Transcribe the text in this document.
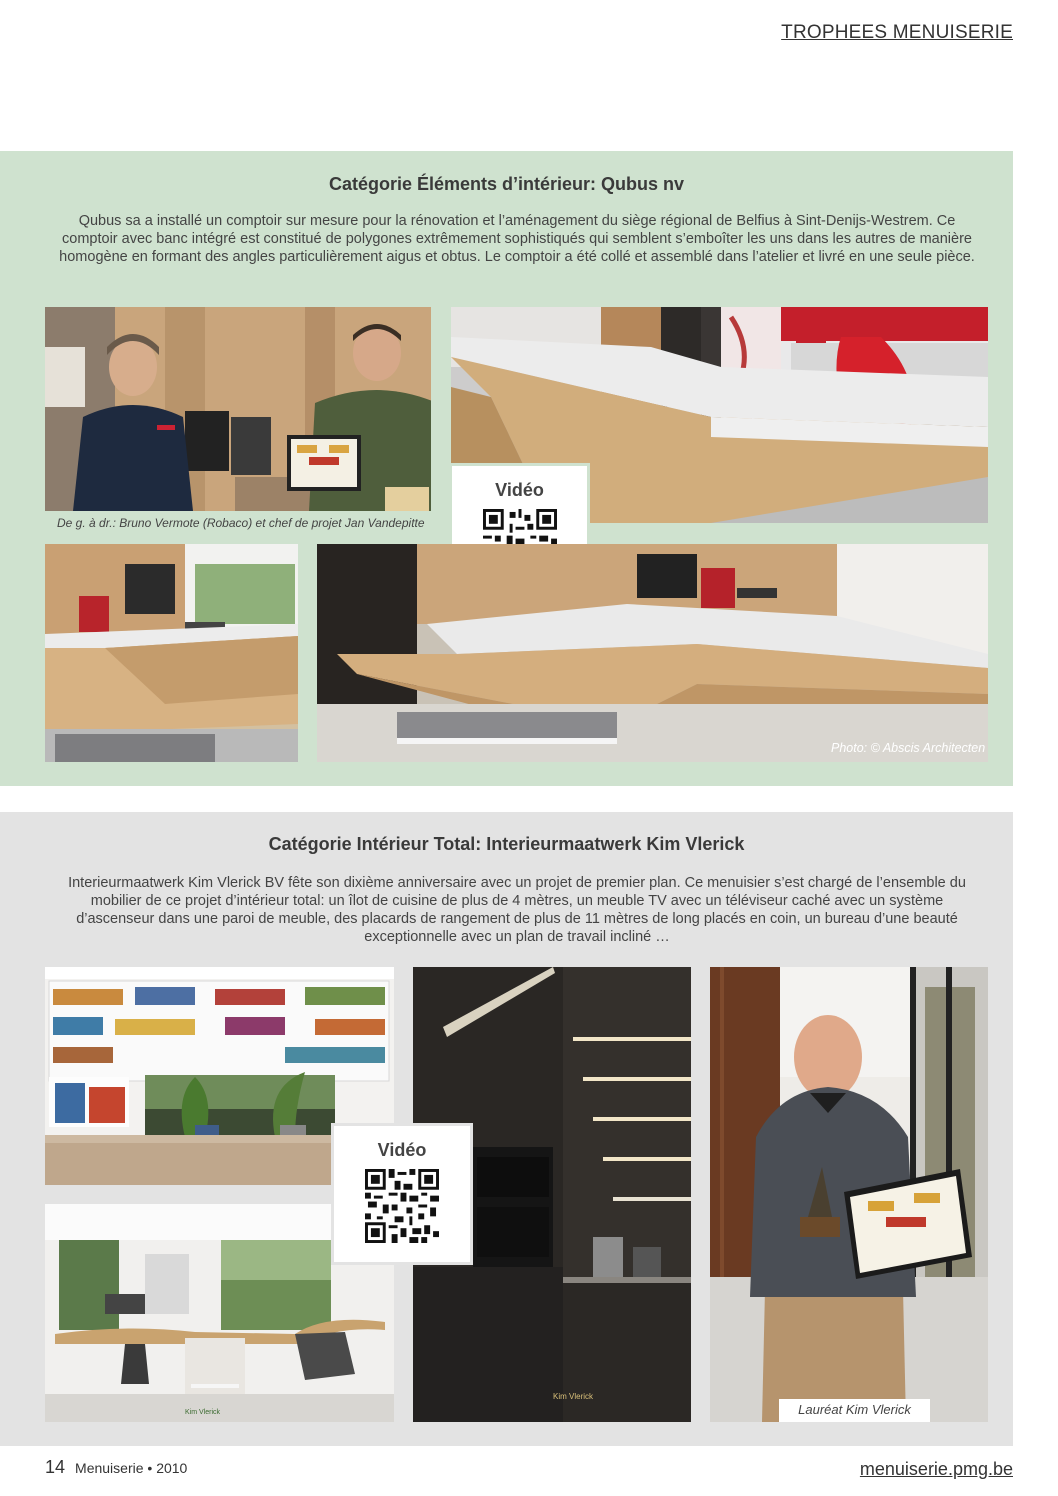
TROPHEES MENUISERIE
Catégorie Éléments d’intérieur: Qubus nv
Qubus sa a installé un comptoir sur mesure pour la rénovation et l’aménagement du siège régional de Belfius à Sint-Denijs-Westrem. Ce comptoir avec banc intégré est constitué de polygones extrêmement sophistiqués qui semblent s’emboîter les uns dans les autres de manière homogène en formant des angles particulièrement aigus et obtus. Le comptoir a été collé et assemblé dans l’atelier et livré en une seule pièce.
De g. à dr.: Bruno Vermote (Robaco) et chef de projet Jan Vandepitte
Vidéo
Photo: © Abscis Architecten
Catégorie Intérieur Total: Interieurmaatwerk Kim Vlerick
Interieurmaatwerk Kim Vlerick BV fête son dixième anniversaire avec un projet de premier plan. Ce menuisier s’est chargé de l’ensemble du mobilier de ce projet d’intérieur total: un îlot de cuisine de plus de 4 mètres, un meuble TV avec un téléviseur caché avec un système d’ascenseur dans une paroi de meuble, des placards de rangement de plus de 11 mètres de long placés en coin, un bureau d’une beauté exceptionnelle avec un plan de travail incliné …
Kim Vlerick
Kim Vlerick
Vidéo
Lauréat Kim Vlerick
14 Menuiserie • 2010	menuiserie.pmg.be
